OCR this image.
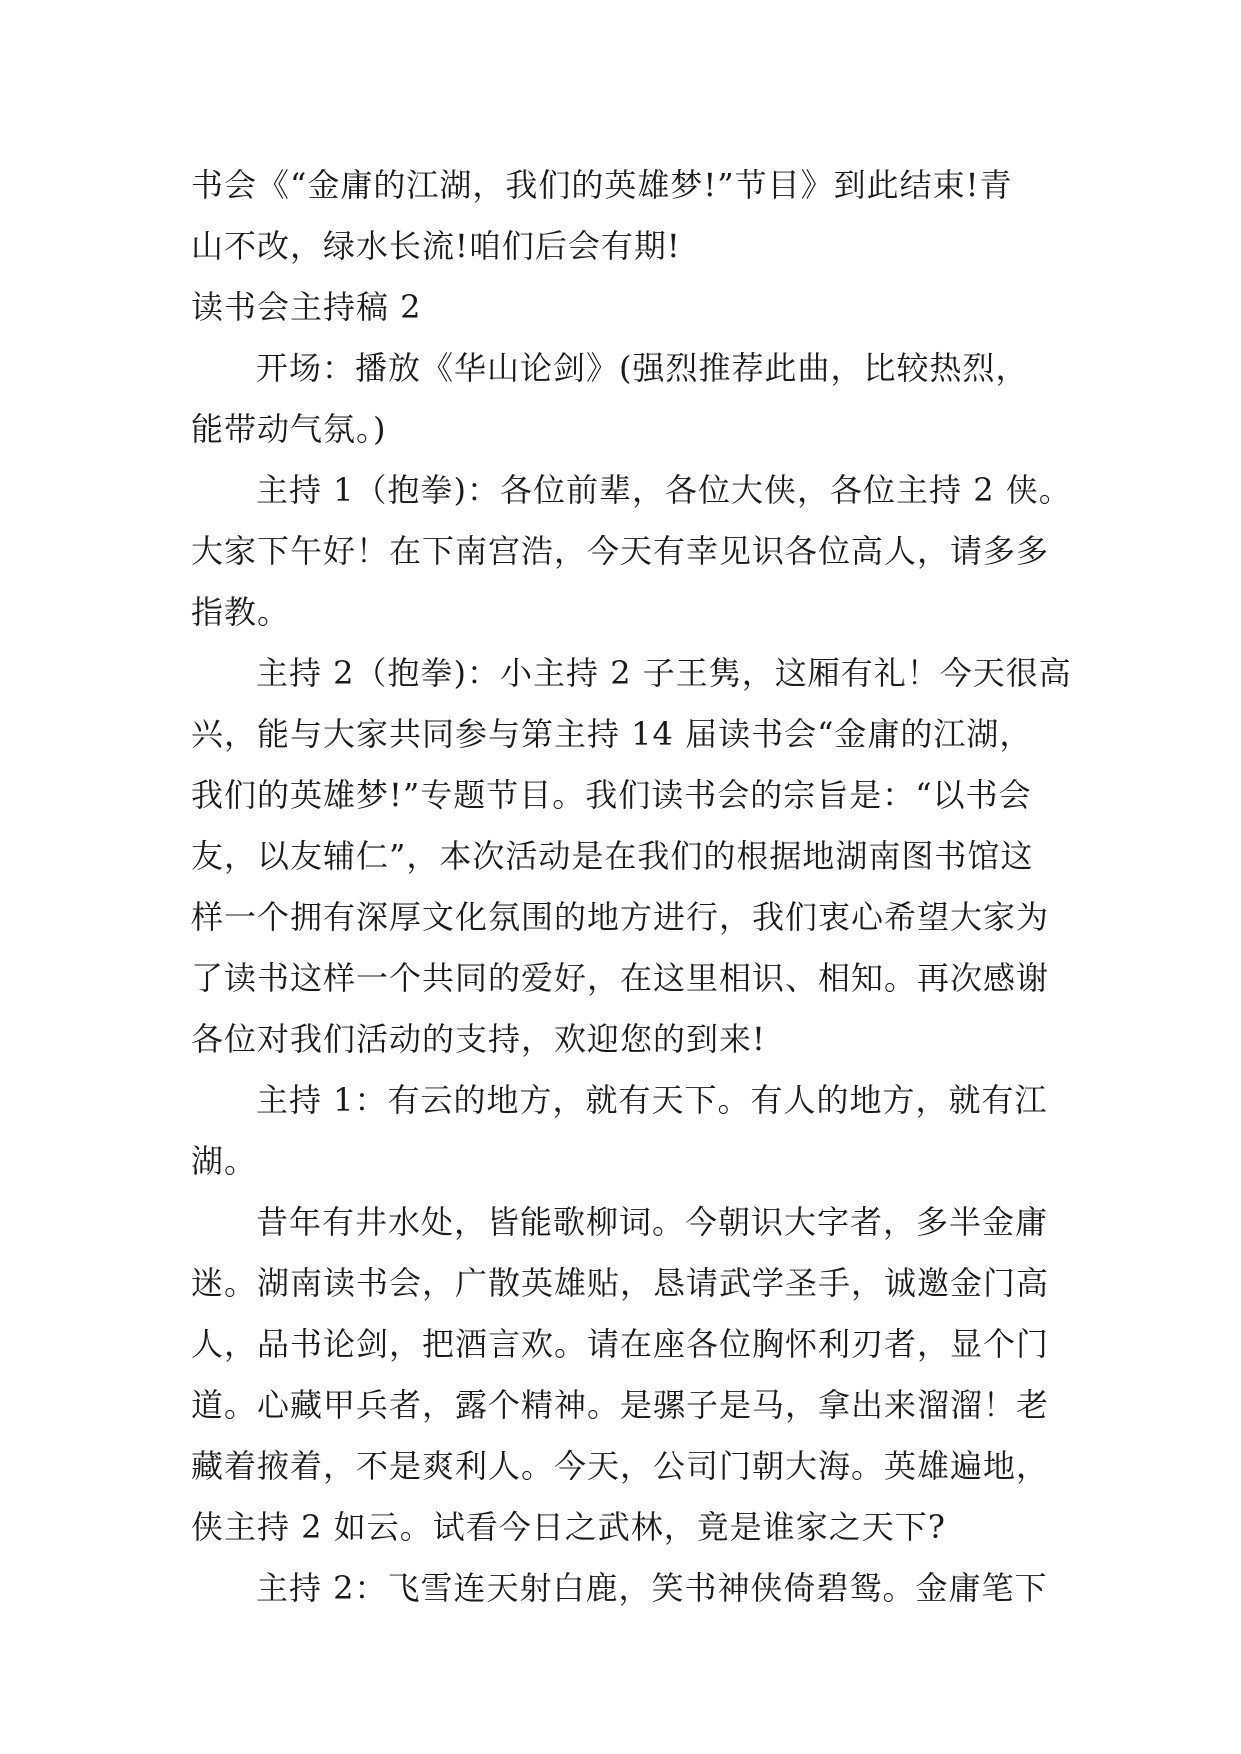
书会《“金庸的江湖，我们的英雄梦!”节目》到此结束!青
山不改，绿水长流!咱们后会有期!
读书会主持稿 2
开场：播放《华山论剑》(强烈推荐此曲，比较热烈，
能带动气氛。)
主持 1（抱拳)：各位前辈，各位大侠，各位主持 2 侠。
大家下午好！在下南宫浩，今天有幸见识各位高人，请多多
指教。
主持 2（抱拳)：小主持 2 子王隽，这厢有礼！今天很高
兴，能与大家共同参与第主持 14 届读书会“金庸的江湖，
我们的英雄梦!”专题节目。我们读书会的宗旨是：“以书会
友，以友辅仁”，本次活动是在我们的根据地湖南图书馆这
样一个拥有深厚文化氛围的地方进行，我们衷心希望大家为
了读书这样一个共同的爱好，在这里相识、相知。再次感谢
各位对我们活动的支持，欢迎您的到来!
主持 1：有云的地方，就有天下。有人的地方，就有江
湖。
昔年有井水处，皆能歌柳词。今朝识大字者，多半金庸
迷。湖南读书会，广散英雄贴，恳请武学圣手，诚邀金门高
人，品书论剑，把酒言欢。请在座各位胸怀利刃者，显个门
道。心藏甲兵者，露个精神。是骡子是马，拿出来溜溜！老
藏着掖着，不是爽利人。今天，公司门朝大海。英雄遍地，
侠主持 2 如云。试看今日之武林，竟是谁家之天下?
主持 2：飞雪连天射白鹿，笑书神侠倚碧鸳。金庸笔下
